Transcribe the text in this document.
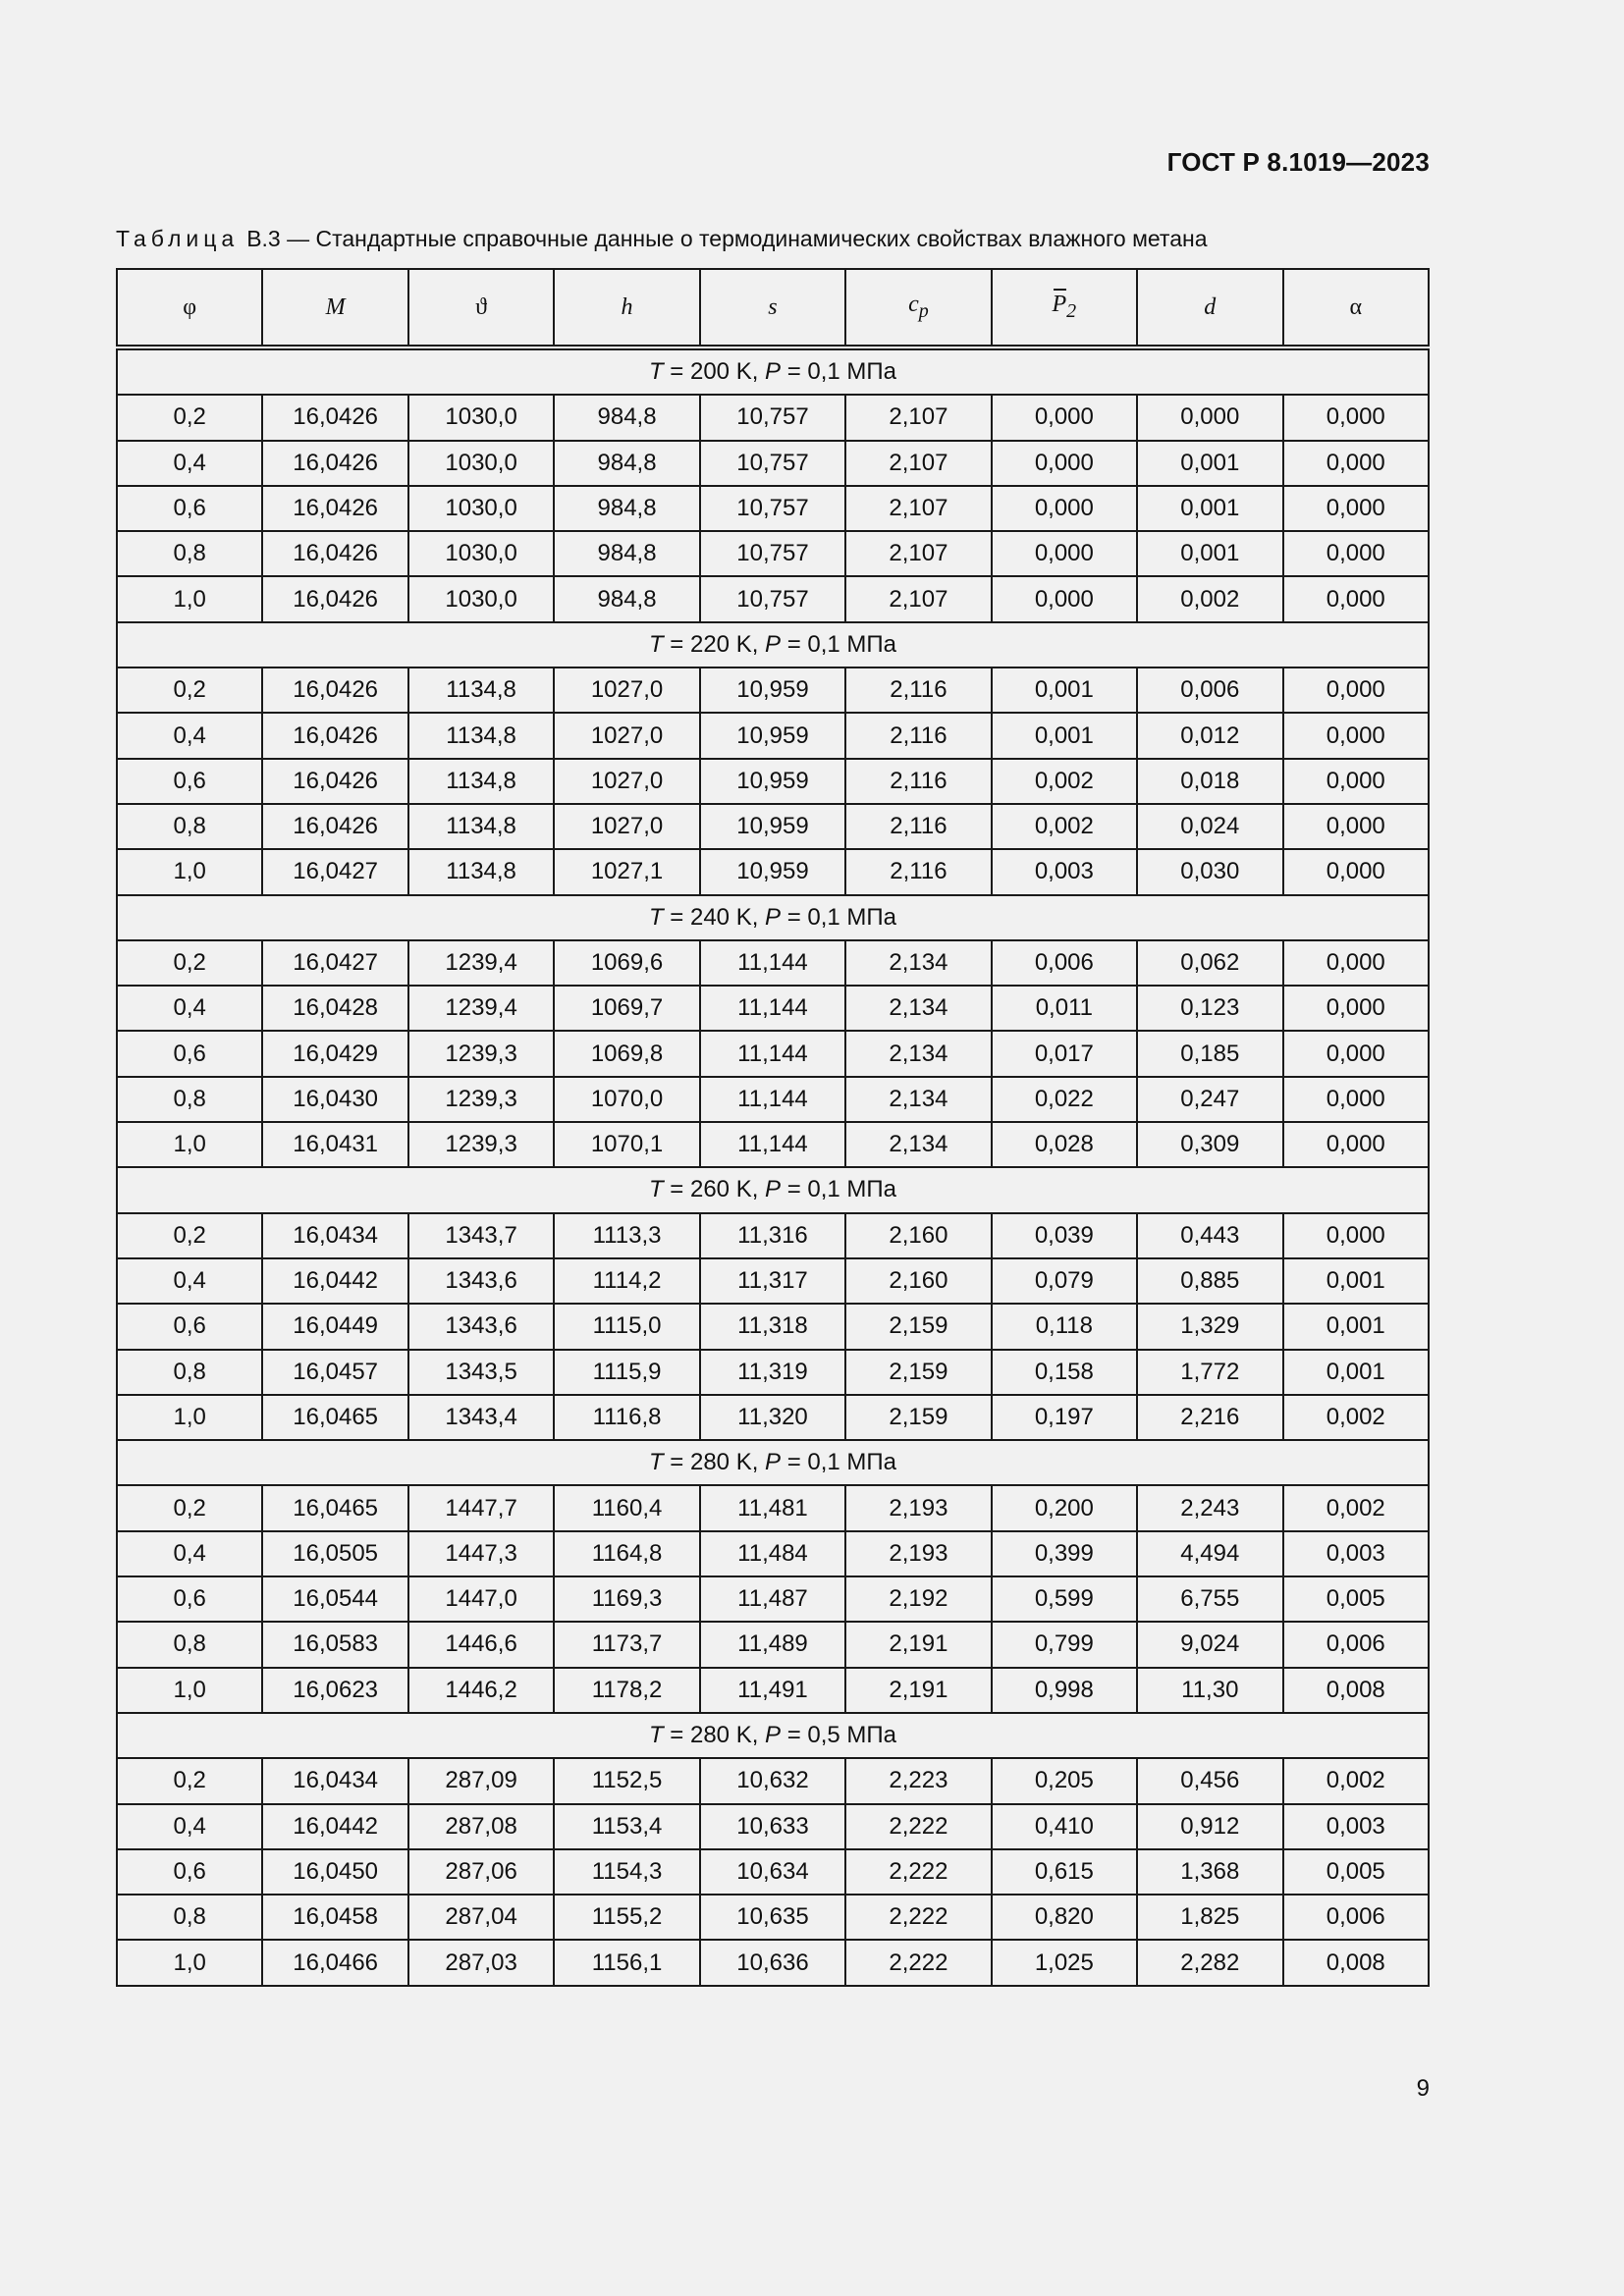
ГОСТ Р 8.1019—2023
Таблица В.3 — Стандартные справочные данные о термодинамических свойствах влажного метана
φ	M	ϑ	h	s	$c_p$	$P_2$	d	α
T = 200 K, P = 0,1 МПа								
0,2	16,0426	1030,0	984,8	10,757	2,107	0,000	0,000	0,000
0,4	16,0426	1030,0	984,8	10,757	2,107	0,000	0,001	0,000
0,6	16,0426	1030,0	984,8	10,757	2,107	0,000	0,001	0,000
0,8	16,0426	1030,0	984,8	10,757	2,107	0,000	0,001	0,000
1,0	16,0426	1030,0	984,8	10,757	2,107	0,000	0,002	0,000
T = 220 K, P = 0,1 МПа								
0,2	16,0426	1134,8	1027,0	10,959	2,116	0,001	0,006	0,000
0,4	16,0426	1134,8	1027,0	10,959	2,116	0,001	0,012	0,000
0,6	16,0426	1134,8	1027,0	10,959	2,116	0,002	0,018	0,000
0,8	16,0426	1134,8	1027,0	10,959	2,116	0,002	0,024	0,000
1,0	16,0427	1134,8	1027,1	10,959	2,116	0,003	0,030	0,000
T = 240 K, P = 0,1 МПа								
0,2	16,0427	1239,4	1069,6	11,144	2,134	0,006	0,062	0,000
0,4	16,0428	1239,4	1069,7	11,144	2,134	0,011	0,123	0,000
0,6	16,0429	1239,3	1069,8	11,144	2,134	0,017	0,185	0,000
0,8	16,0430	1239,3	1070,0	11,144	2,134	0,022	0,247	0,000
1,0	16,0431	1239,3	1070,1	11,144	2,134	0,028	0,309	0,000
T = 260 K, P = 0,1 МПа								
0,2	16,0434	1343,7	1113,3	11,316	2,160	0,039	0,443	0,000
0,4	16,0442	1343,6	1114,2	11,317	2,160	0,079	0,885	0,001
0,6	16,0449	1343,6	1115,0	11,318	2,159	0,118	1,329	0,001
0,8	16,0457	1343,5	1115,9	11,319	2,159	0,158	1,772	0,001
1,0	16,0465	1343,4	1116,8	11,320	2,159	0,197	2,216	0,002
T = 280 K, P = 0,1 МПа								
0,2	16,0465	1447,7	1160,4	11,481	2,193	0,200	2,243	0,002
0,4	16,0505	1447,3	1164,8	11,484	2,193	0,399	4,494	0,003
0,6	16,0544	1447,0	1169,3	11,487	2,192	0,599	6,755	0,005
0,8	16,0583	1446,6	1173,7	11,489	2,191	0,799	9,024	0,006
1,0	16,0623	1446,2	1178,2	11,491	2,191	0,998	11,30	0,008
T = 280 K, P = 0,5 МПа								
0,2	16,0434	287,09	1152,5	10,632	2,223	0,205	0,456	0,002
0,4	16,0442	287,08	1153,4	10,633	2,222	0,410	0,912	0,003
0,6	16,0450	287,06	1154,3	10,634	2,222	0,615	1,368	0,005
0,8	16,0458	287,04	1155,2	10,635	2,222	0,820	1,825	0,006
1,0	16,0466	287,03	1156,1	10,636	2,222	1,025	2,282	0,008
9
